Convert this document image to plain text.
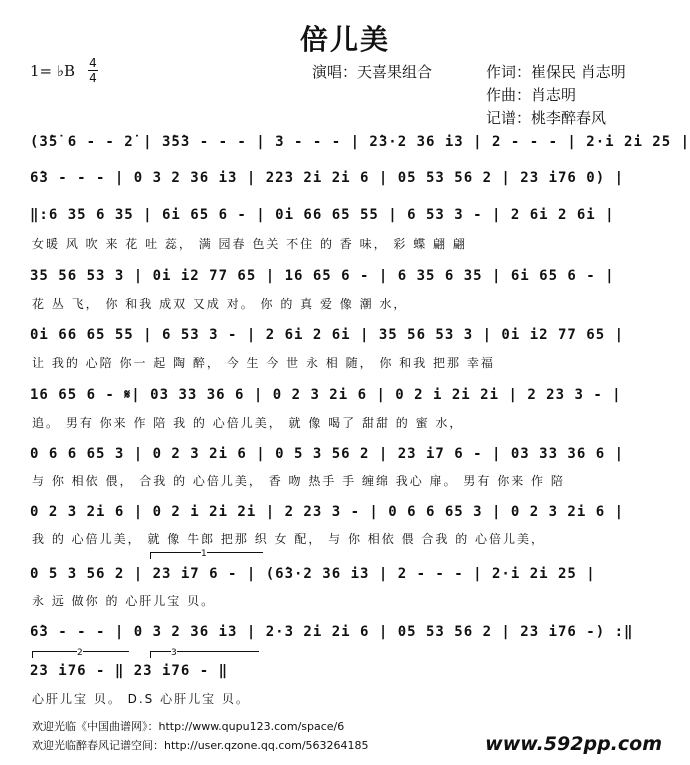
倍儿美
1= ♭B 4
4	演唱：天喜果组合	作词：崔保民 肖志明
作曲：肖志明
记谱：桃李醉春风
(3̇5̇ 6 - - 2̇ | 3̇5̇3 - - - | 3 - - - | 2̇3·2 36 i3 | 2 - - - | 2·i 2i 25 |
6̇3 - - - | 0 3 2 36 i3 | 223 2i 2i 6 | 05 53 56 2 | 23 i76 0) |
‖:6 35 6 35 | 6i 65 6 - | 0i 66 65 55 | 6 53 3 - | 2 6i 2 6i |
女暖 风 吹 来 花 吐 蕊， 满 园春 色关 不住 的 香 味， 彩 蝶 翩 翩
35 56 53 3 | 0i i2 77 65 | 16 65 6 - | 6 35 6 35 | 6i 65 6 - |
花 丛 飞， 你 和我 成双 又成 对。 你 的 真 爱 像 潮 水，
0i 66 65 55 | 6 53 3 - | 2 6i 2 6i | 35 56 53 3 | 0i i2 77 65 |
让 我的 心陪 你一 起 陶 醉， 今 生 今 世 永 相 随， 你 和我 把那 幸福
16 65 6 - 𝄋| 03 33 36 6 | 0 2 3 2i 6 | 0 2 i 2i 2i | 2 23 3 - |
追。 男有 你来 作 陪 我 的 心倍儿美， 就 像 喝了 甜甜 的 蜜 水，
0 6 6 65 3 | 0 2 3 2i 6 | 0 5 3 56 2 | 23 i7 6 - | 03 33 36 6 |
与 你 相依 偎， 合我 的 心倍儿美， 香 吻 热手 手 缠绵 我心 扉。 男有 你来 作 陪
0 2 3 2i 6 | 0 2 i 2i 2i | 2 23 3 - | 0 6 6 65 3 | 0 2 3 2i 6 |
我 的 心倍儿美， 就 像 牛郎 把那 织 女 配， 与 你 相依 偎 合我 的 心倍儿美，
1
0 5 3 56 2 | 23 i7 6 - | (6̇3·2 36 i3 | 2 - - - | 2·i 2i 25 |
永 远 做你 的 心肝儿宝 贝。
6̇3 - - - | 0 3 2 36 i3 | 2·3 2i 2i 6 | 05 53 56 2 | 23 i76 -) :‖
2	3
23 i76 - ‖ 23 i76 - ‖
心肝儿宝 贝。 D.S 心肝儿宝 贝。
欢迎光临《中国曲谱网》：http://www.qupu123.com/space/6
欢迎光临醉春风记谱空间：http://user.qzone.qq.com/563264185	www.592pp.com
